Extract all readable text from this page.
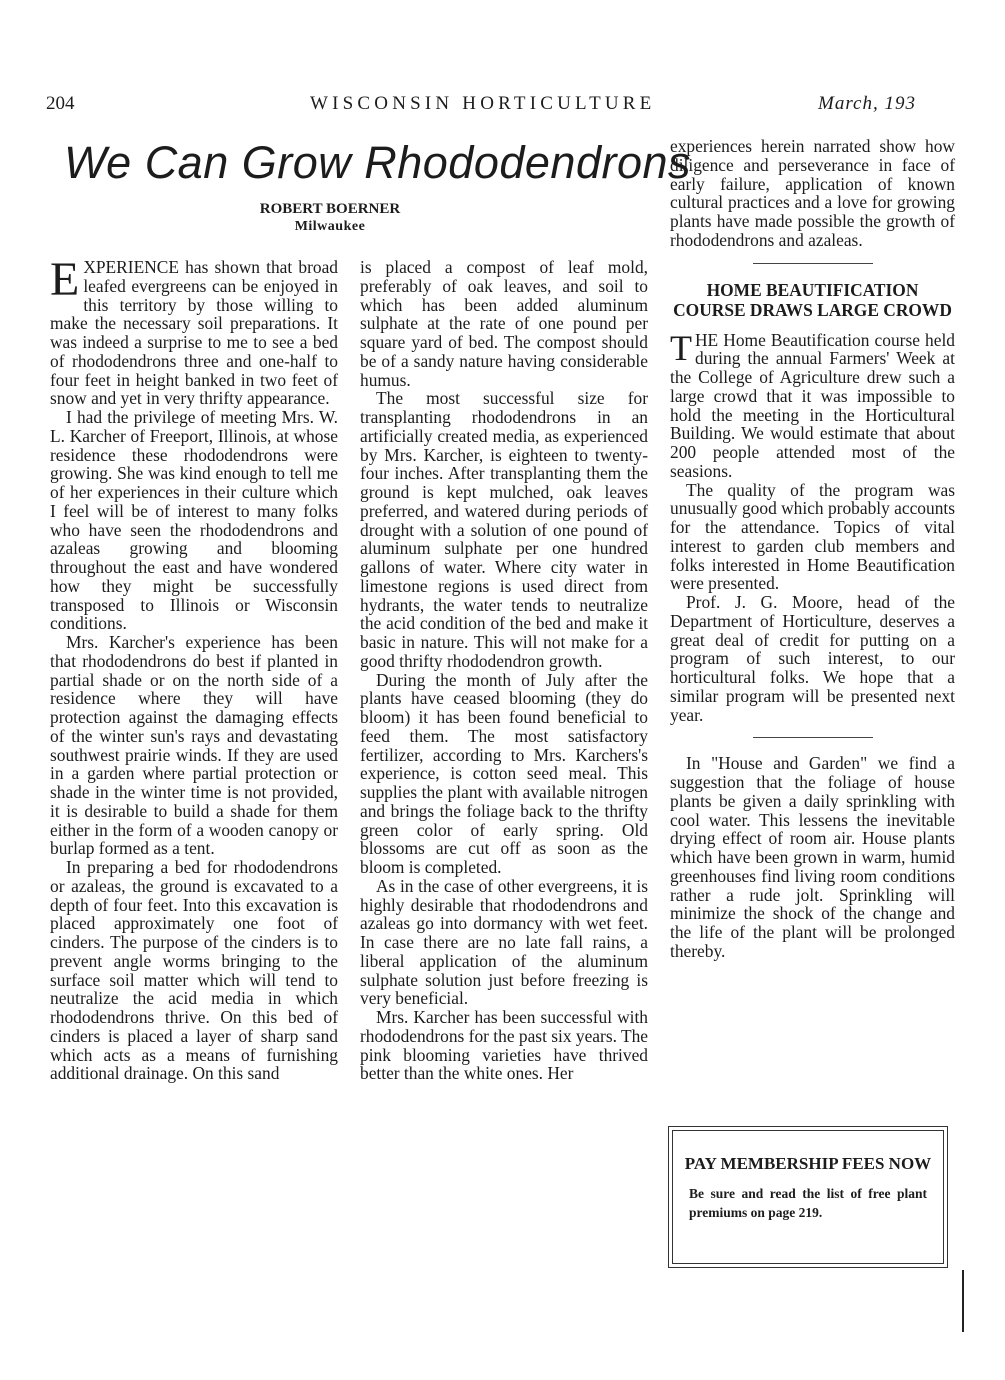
204	WISCONSIN HORTICULTURE	March, 193
We Can Grow Rhododendrons
ROBERT BOERNER
Milwaukee

EXPERIENCE has shown that broad leafed evergreens can be enjoyed in this territory by those willing to make the necessary soil preparations. It was indeed a surprise to me to see a bed of rhododendrons three and one-half to four feet in height banked in two feet of snow and yet in very thrifty appearance.

I had the privilege of meeting Mrs. W. L. Karcher of Freeport, Illinois, at whose residence these rhododendrons were growing. She was kind enough to tell me of her experiences in their culture which I feel will be of interest to many folks who have seen the rhododendrons and azaleas growing and blooming throughout the east and have wondered how they might be successfully transposed to Illinois or Wisconsin conditions.

Mrs. Karcher's experience has been that rhododendrons do best if planted in partial shade or on the north side of a residence where they will have protection against the damaging effects of the winter sun's rays and devastating southwest prairie winds. If they are used in a garden where partial protection or shade in the winter time is not provided, it is desirable to build a shade for them either in the form of a wooden canopy or burlap formed as a tent.

In preparing a bed for rhododendrons or azaleas, the ground is excavated to a depth of four feet. Into this excavation is placed approximately one foot of cinders. The purpose of the cinders is to prevent angle worms bringing to the surface soil matter which will tend to neutralize the acid media in which rhododendrons thrive. On this bed of cinders is placed a layer of sharp sand which acts as a means of furnishing additional drainage. On this sand

is placed a compost of leaf mold, preferably of oak leaves, and soil to which has been added aluminum sulphate at the rate of one pound per square yard of bed. The compost should be of a sandy nature having considerable humus.

The most successful size for transplanting rhododendrons in an artificially created media, as experienced by Mrs. Karcher, is eighteen to twenty-four inches. After transplanting them the ground is kept mulched, oak leaves preferred, and watered during periods of drought with a solution of one pound of aluminum sulphate per one hundred gallons of water. Where city water in limestone regions is used direct from hydrants, the water tends to neutralize the acid condition of the bed and make it basic in nature. This will not make for a good thrifty rhododendron growth.

During the month of July after the plants have ceased blooming (they do bloom) it has been found beneficial to feed them. The most satisfactory fertilizer, according to Mrs. Karchers's experience, is cotton seed meal. This supplies the plant with available nitrogen and brings the foliage back to the thrifty green color of early spring. Old blossoms are cut off as soon as the bloom is completed.

As in the case of other evergreens, it is highly desirable that rhododendrons and azaleas go into dormancy with wet feet. In case there are no late fall rains, a liberal application of the aluminum sulphate solution just before freezing is very beneficial.

Mrs. Karcher has been successful with rhododendrons for the past six years. The pink blooming varieties have thrived better than the white ones. Her

experiences herein narrated show how diligence and perseverance in face of early failure, application of known cultural practices and a love for growing plants have made possible the growth of rhododendrons and azaleas.

HOME BEAUTIFICATION COURSE DRAWS LARGE CROWD

THE Home Beautification course held during the annual Farmers' Week at the College of Agriculture drew such a large crowd that it was impossible to hold the meeting in the Horticultural Building. We would estimate that about 200 people attended most of the seasions.

The quality of the program was unusually good which probably accounts for the attendance. Topics of vital interest to garden club members and folks interested in Home Beautification were presented.

Prof. J. G. Moore, head of the Department of Horticulture, deserves a great deal of credit for putting on a program of such interest, to our horticultural folks. We hope that a similar program will be presented next year.

In "House and Garden" we find a suggestion that the foliage of house plants be given a daily sprinkling with cool water. This lessens the inevitable drying effect of room air. House plants which have been grown in warm, humid greenhouses find living room conditions rather a rude jolt. Sprinkling will minimize the shock of the change and the life of the plant will be prolonged thereby.

PAY MEMBERSHIP FEES NOW
Be sure and read the list of free plant premiums on page 219.
